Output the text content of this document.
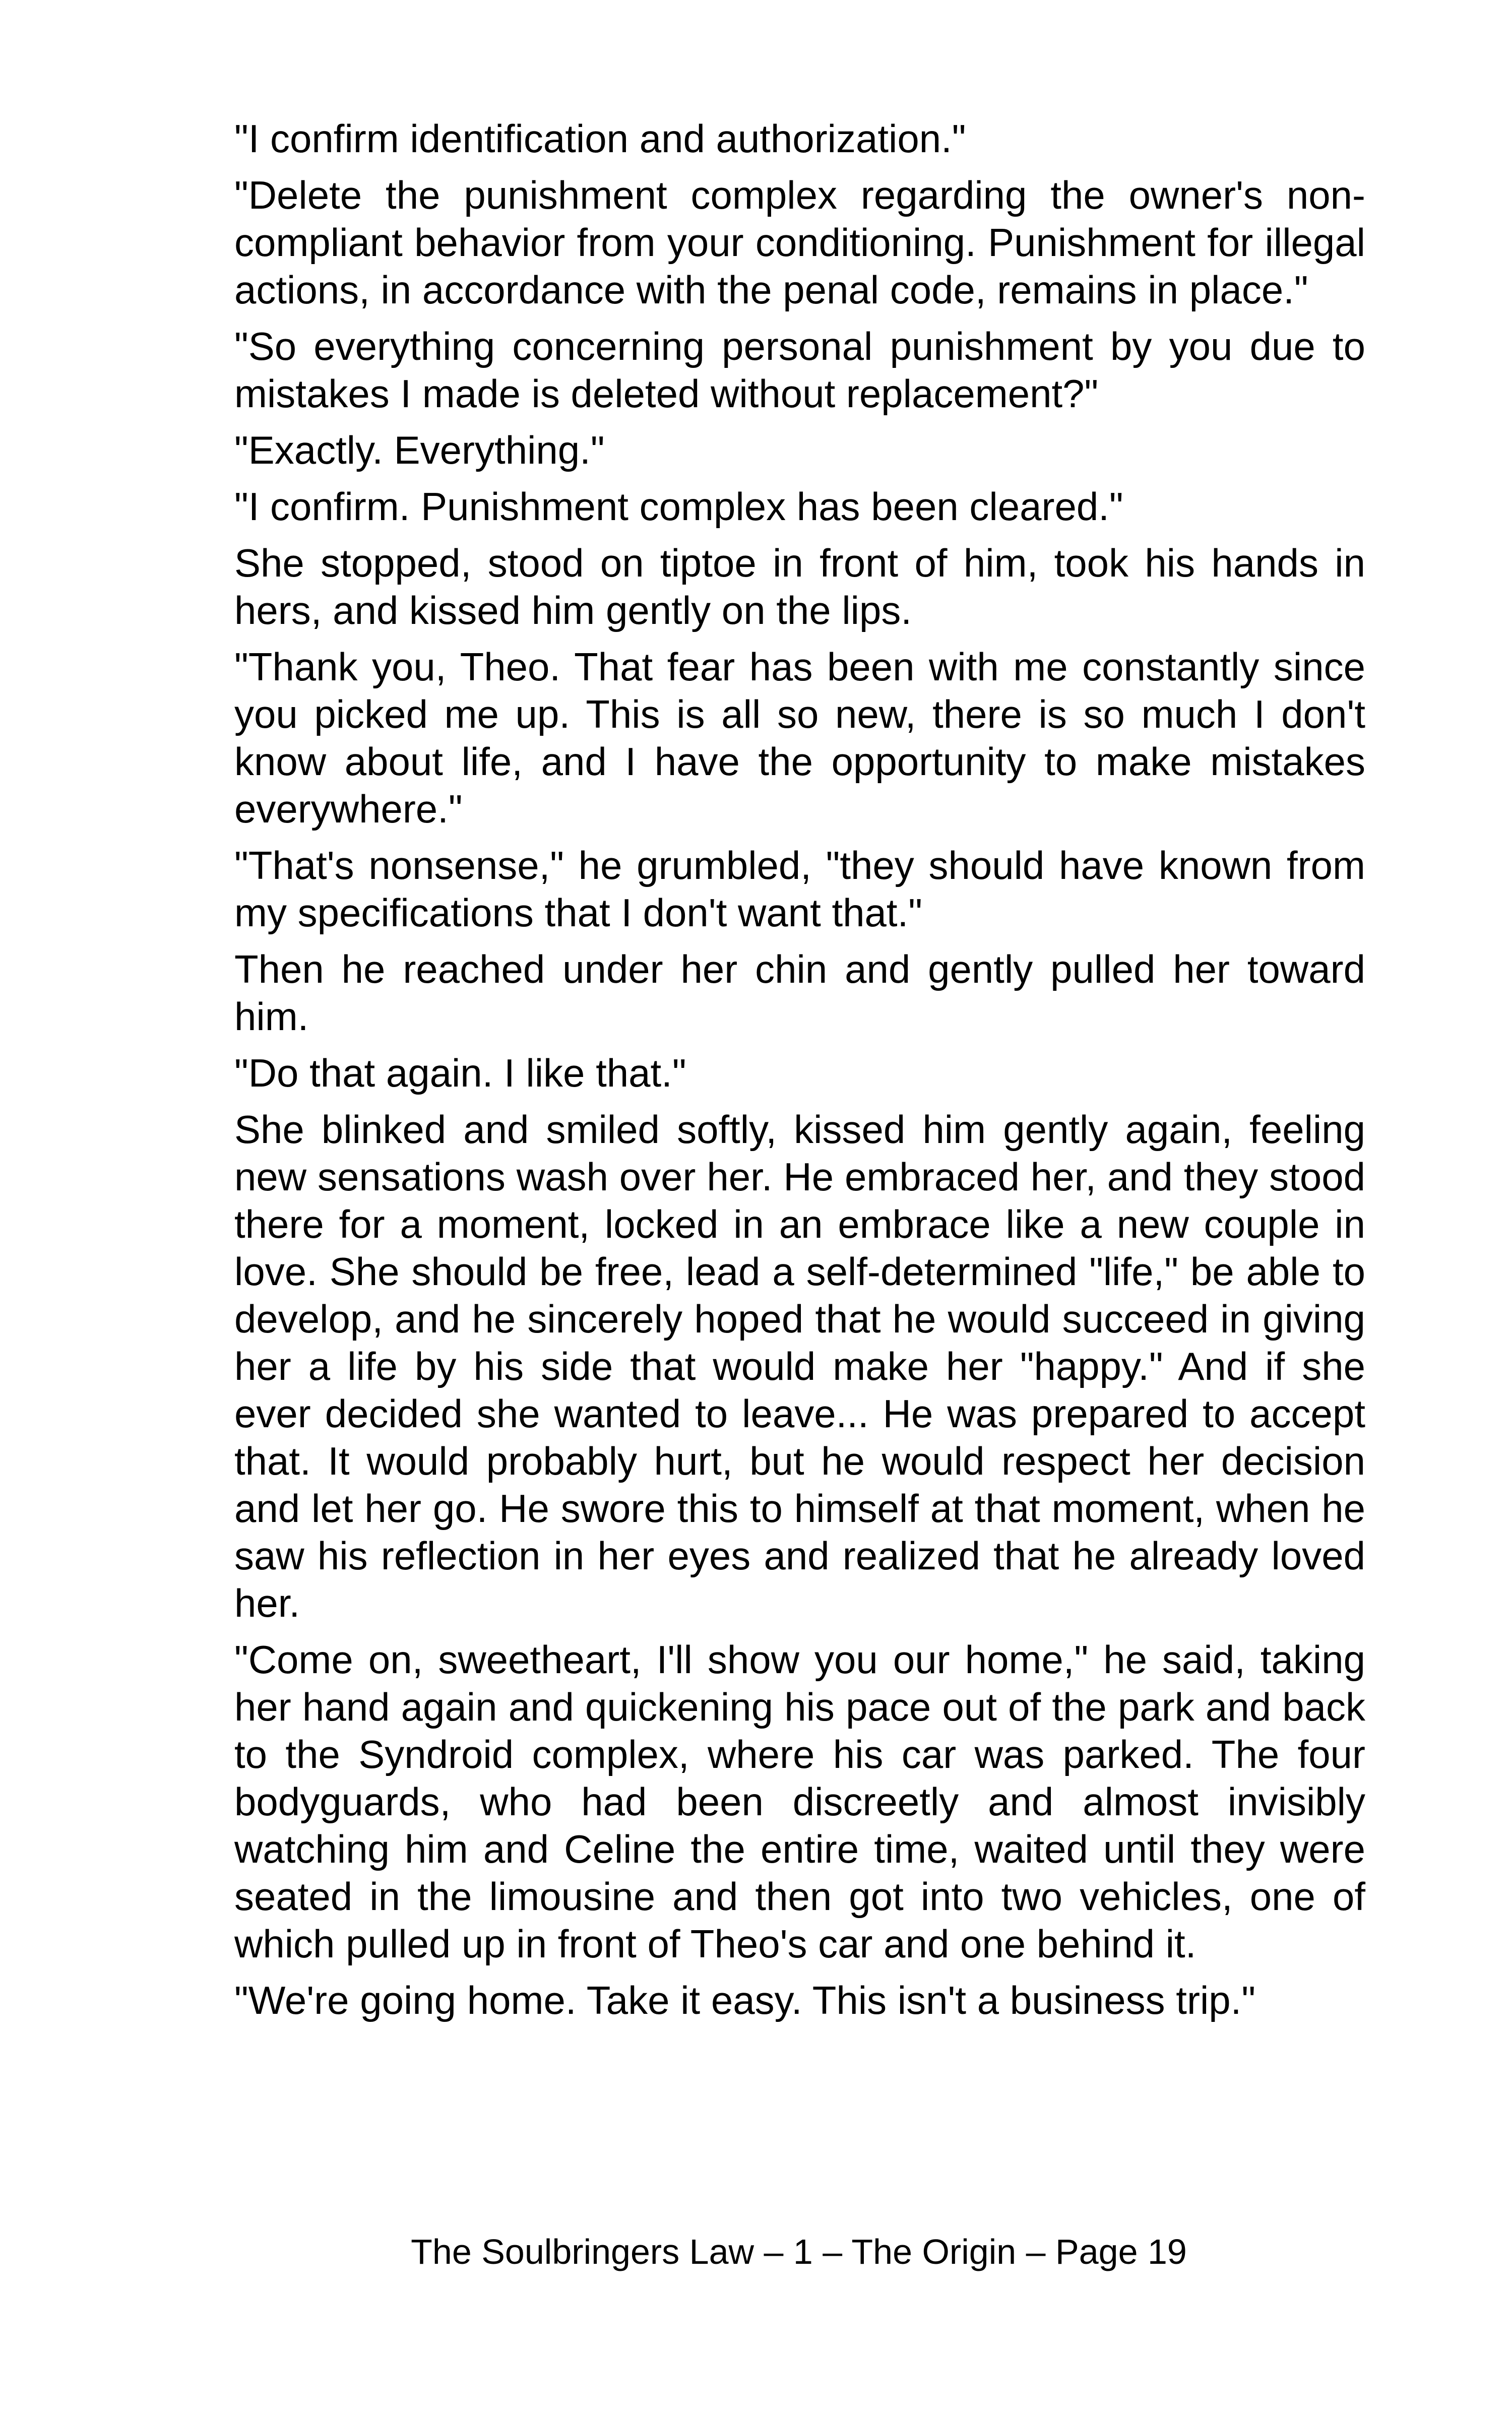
"I confirm identification and authorization."

"Delete the punishment complex regarding the owner's non-compliant behavior from your conditioning. Punishment for illegal actions, in accordance with the penal code, remains in place."

"So everything concerning personal punishment by you due to mistakes I made is deleted without replacement?"

"Exactly. Everything."

"I confirm. Punishment complex has been cleared."

She stopped, stood on tiptoe in front of him, took his hands in hers, and kissed him gently on the lips.

"Thank you, Theo. That fear has been with me constantly since you picked me up. This is all so new, there is so much I don't know about life, and I have the opportunity to make mistakes everywhere."

"That's nonsense," he grumbled, "they should have known from my specifications that I don't want that."

Then he reached under her chin and gently pulled her toward him.

"Do that again. I like that."

She blinked and smiled softly, kissed him gently again, feeling new sensations wash over her. He embraced her, and they stood there for a moment, locked in an embrace like a new couple in love. She should be free, lead a self-determined "life," be able to develop, and he sincerely hoped that he would succeed in giving her a life by his side that would make her "happy." And if she ever decided she wanted to leave... He was prepared to accept that. It would probably hurt, but he would respect her decision and let her go. He swore this to himself at that moment, when he saw his reflection in her eyes and realized that he already loved her.

"Come on, sweetheart, I'll show you our home," he said, taking her hand again and quickening his pace out of the park and back to the Syndroid complex, where his car was parked. The four bodyguards, who had been discreetly and almost invisibly watching him and Celine the entire time, waited until they were seated in the limousine and then got into two vehicles, one of which pulled up in front of Theo's car and one behind it.

"We're going home. Take it easy. This isn't a business trip."

The Soulbringers Law – 1 – The Origin – Page 19
